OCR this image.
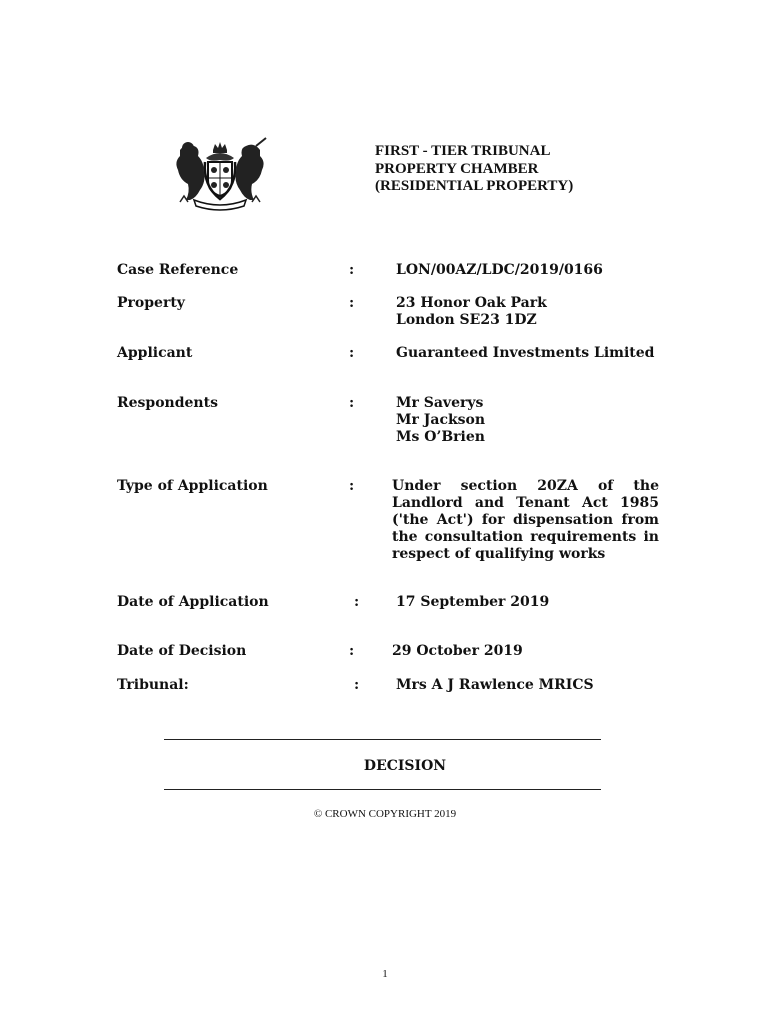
FIRST - TIER TRIBUNAL
PROPERTY CHAMBER
(RESIDENTIAL PROPERTY)
Case Reference	:	LON/00AZ/LDC/2019/0166
Property	:	23 Honor Oak Park
London SE23 1DZ
Applicant	:	Guaranteed Investments Limited
Respondents	:	Mr Saverys
Mr Jackson
Ms O’Brien
Type of Application	:	Under section 20ZA of the
Landlord and Tenant Act 1985
('the Act') for dispensation from
the consultation requirements in
respect of qualifying works
Date of Application	:	17 September 2019
Date of Decision	:	29 October 2019
Tribunal:	:	Mrs A J Rawlence MRICS
DECISION
© CROWN COPYRIGHT 2019
1
